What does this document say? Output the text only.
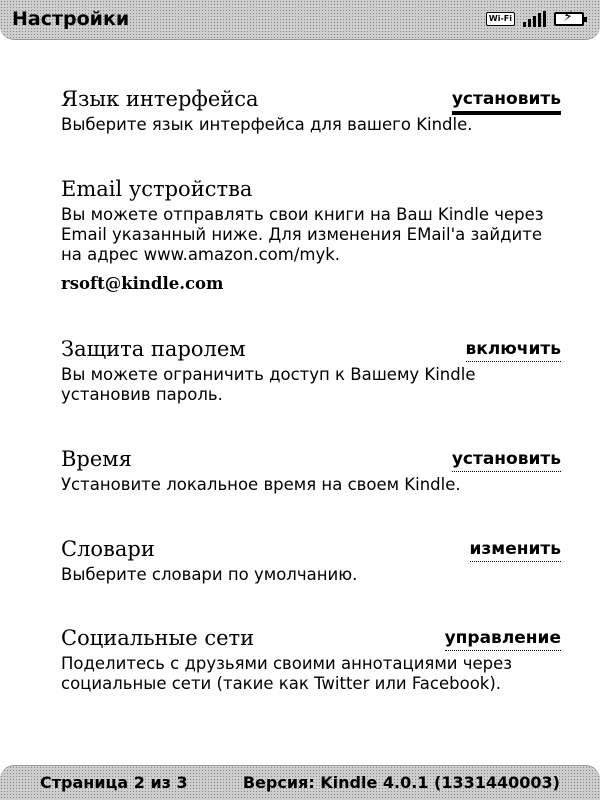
Настройки	Wi-Fi	⚡
Язык интерфейса	установить
Выберите язык интерфейса для вашего Kindle.
Email устройства
Вы можете отправлять свои книги на Ваш Kindle через Email указанный ниже. Для изменения EMail'a зайдите на адрес www.amazon.com/myk.
rsoft@kindle.com
Защита паролем	включить
Вы можете ограничить доступ к Вашему Kindle установив пароль.
Время	установить
Установите локальное время на своем Kindle.
Словари	изменить
Выберите словари по умолчанию.
Социальные сети	управление
Поделитесь с друзьями своими аннотациями через социальные сети (такие как Twitter или Facebook).
Страница 2 из 3	Версия: Kindle 4.0.1 (1331440003)
